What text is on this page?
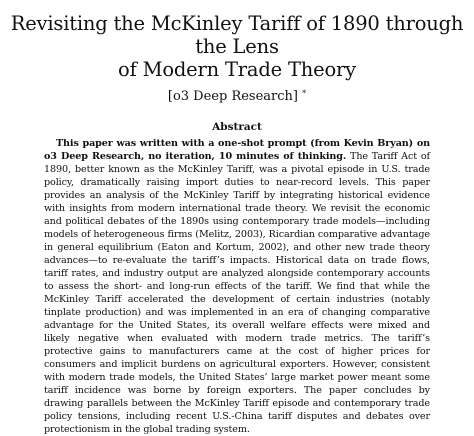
Revisiting the McKinley Tariff of 1890 through the Lens
of Modern Trade Theory
[o3 Deep Research] *
Abstract
This paper was written with a one-shot prompt (from Kevin Bryan) on o3 Deep Research, no iteration, 10 minutes of thinking. The Tariff Act of 1890, better known as the McKinley Tariff, was a pivotal episode in U.S. trade policy, dramatically raising import duties to near-record levels. This paper provides an analysis of the McKinley Tariff by integrating historical evidence with insights from modern international trade theory. We revisit the economic and political debates of the 1890s using contemporary trade models—including models of heterogeneous firms (Melitz, 2003), Ricardian comparative advantage in general equilibrium (Eaton and Kortum, 2002), and other new trade theory advances—to re-evaluate the tariff’s impacts. Historical data on trade flows, tariff rates, and industry output are analyzed alongside contemporary accounts to assess the short- and long-run effects of the tariff. We find that while the McKinley Tariff accelerated the development of certain industries (notably tinplate production) and was implemented in an era of changing comparative advantage for the United States, its overall welfare effects were mixed and likely negative when evaluated with modern trade metrics. The tariff’s protective gains to manufacturers came at the cost of higher prices for consumers and implicit burdens on agricultural exporters. However, consistent with modern trade models, the United States’ large market power meant some tariff incidence was borne by foreign exporters. The paper concludes by drawing parallels between the McKinley Tariff episode and contemporary trade policy tensions, including recent U.S.-China tariff disputes and debates over protectionism in the global trading system.
